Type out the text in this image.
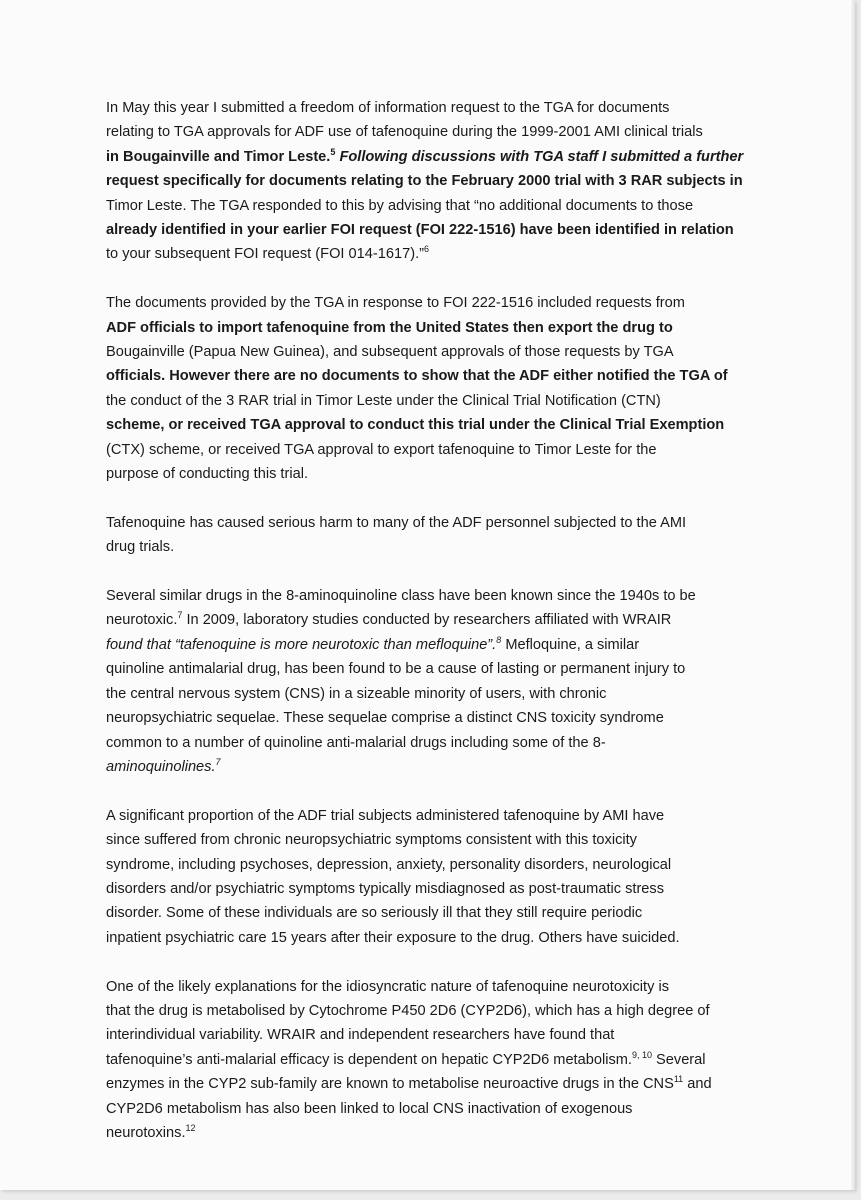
In May this year I submitted a freedom of information request to the TGA for documents
relating to TGA approvals for ADF use of tafenoquine during the 1999-2001 AMI clinical trials
in Bougainville and Timor Leste.$^5$ Following discussions with TGA staff I submitted a further
request specifically for documents relating to the February 2000 trial with 3 RAR subjects in
Timor Leste. The TGA responded to this by advising that “no additional documents to those
already identified in your earlier FOI request (FOI 222-1516) have been identified in relation
to your subsequent FOI request (FOI 014-1617).”$^6$

The documents provided by the TGA in response to FOI 222-1516 included requests from
ADF officials to import tafenoquine from the United States then export the drug to
Bougainville (Papua New Guinea), and subsequent approvals of those requests by TGA
officials. However there are no documents to show that the ADF either notified the TGA of
the conduct of the 3 RAR trial in Timor Leste under the Clinical Trial Notification (CTN)
scheme, or received TGA approval to conduct this trial under the Clinical Trial Exemption
(CTX) scheme, or received TGA approval to export tafenoquine to Timor Leste for the
purpose of conducting this trial.

Tafenoquine has caused serious harm to many of the ADF personnel subjected to the AMI
drug trials.

Several similar drugs in the 8-aminoquinoline class have been known since the 1940s to be
neurotoxic.$^7$ In 2009, laboratory studies conducted by researchers affiliated with WRAIR
found that “tafenoquine is more neurotoxic than mefloquine”.$^8$ Mefloquine, a similar
quinoline antimalarial drug, has been found to be a cause of lasting or permanent injury to
the central nervous system (CNS) in a sizeable minority of users, with chronic
neuropsychiatric sequelae. These sequelae comprise a distinct CNS toxicity syndrome
common to a number of quinoline anti-malarial drugs including some of the 8-
aminoquinolines.$^7$

A significant proportion of the ADF trial subjects administered tafenoquine by AMI have
since suffered from chronic neuropsychiatric symptoms consistent with this toxicity
syndrome, including psychoses, depression, anxiety, personality disorders, neurological
disorders and/or psychiatric symptoms typically misdiagnosed as post-traumatic stress
disorder. Some of these individuals are so seriously ill that they still require periodic
inpatient psychiatric care 15 years after their exposure to the drug. Others have suicided.

One of the likely explanations for the idiosyncratic nature of tafenoquine neurotoxicity is
that the drug is metabolised by Cytochrome P450 2D6 (CYP2D6), which has a high degree of
interindividual variability. WRAIR and independent researchers have found that
tafenoquine’s anti-malarial efficacy is dependent on hepatic CYP2D6 metabolism.$^{9, 10}$ Several
enzymes in the CYP2 sub-family are known to metabolise neuroactive drugs in the CNS$^{11}$ and
CYP2D6 metabolism has also been linked to local CNS inactivation of exogenous
neurotoxins.$^{12}$
